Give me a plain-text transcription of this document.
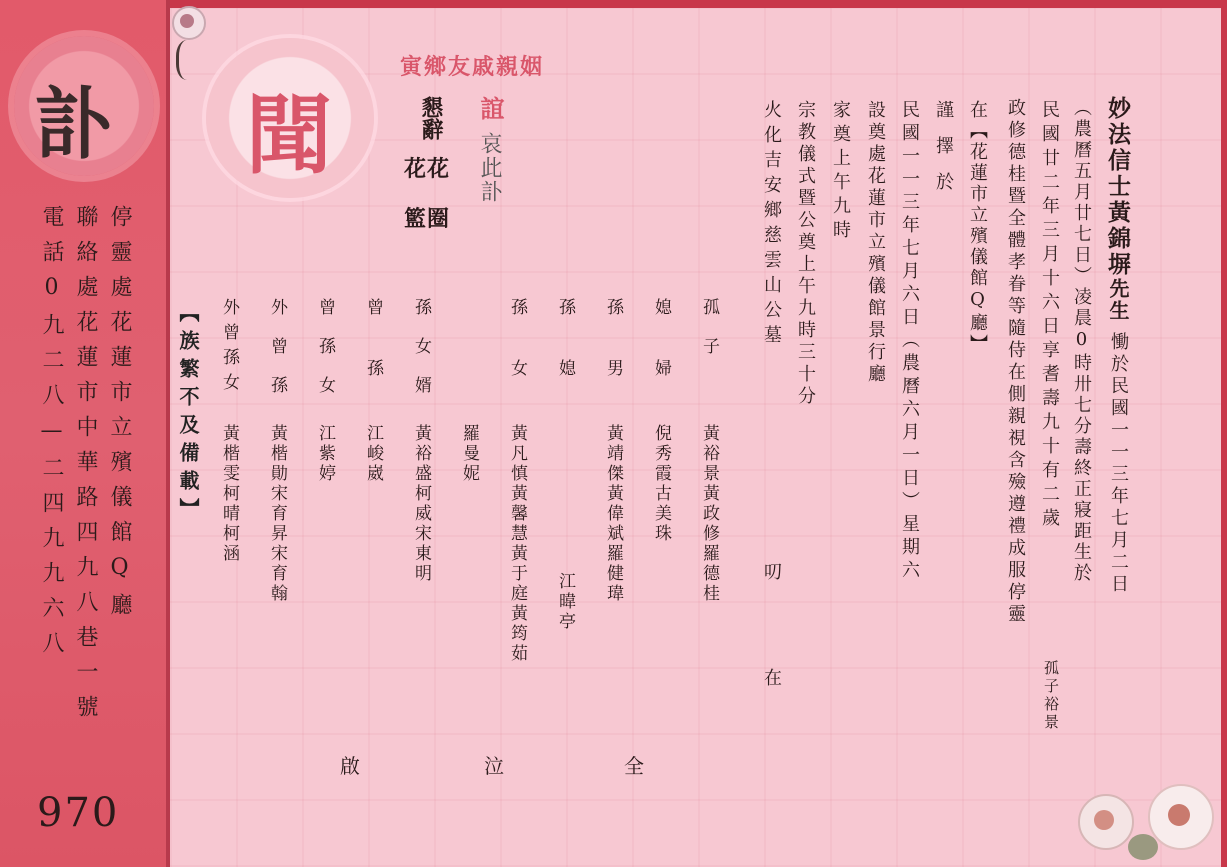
訃
停靈處花蓮市立殯儀館Q廳
聯絡處花蓮市中華路四九八巷一號
電話0九二八—二四九九六八
970
聞
寅鄉友戚親姻
誼
哀此訃
懇辭
花花
籃圈	妙法信士黃錦塀
先生
慟於民國一一三年七月二日
（農曆五月廿七日）凌晨0時卅七分壽終正寢距生於
民國廿二年三月十六日享耆壽九十有二歲
孤子裕景
政修德桂暨全體孝眷等隨侍在側親視含殮遵禮成服停靈
在【花蓮市立殯儀館Q廳】
謹擇於
民國一一三年七月六日（農曆六月一日）星期六
設奠處花蓮市立殯儀館景行廳
家奠上午九時
宗教儀式暨公奠上午九時三十分
火化吉安鄉慈雲山公墓
叨
在
孤子
黃裕景黃政修羅德桂
媳婦
倪秀霞古美珠
孫男
黃靖傑黃偉斌羅健瑋
孫媳
江暐亭
孫女
黃凡慎黃馨慧黃于庭黃筠茹
羅曼妮
孫女婿
黃裕盛柯威宋東明
曾孫
江峻崴
曾孫女
江紫婷
外曾孫
黃楷勛宋育昇宋育翰
外曾孫女
黃楷雯柯晴柯涵
【族繁不及備載】
啟	泣	全
